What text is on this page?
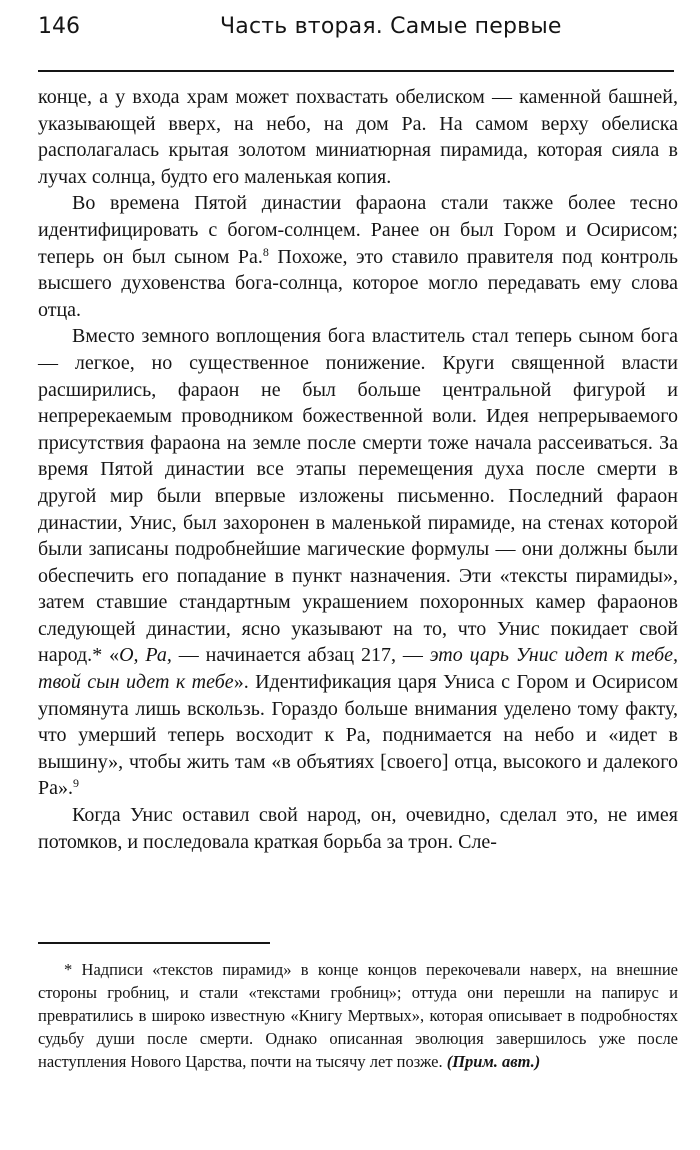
146	Часть вторая. Самые первые

конце, а у входа храм может похвастать обелиском — каменной башней, указывающей вверх, на небо, на дом Ра. На самом верху обелиска располагалась крытая золотом миниатюрная пирамида, которая сияла в лучах солнца, будто его маленькая копия.

Во времена Пятой династии фараона стали также более тесно идентифицировать с богом-солнцем. Ранее он был Гором и Осирисом; теперь он был сыном Ра.$^8$ Похоже, это ставило правителя под контроль высшего духовенства бога-солнца, которое могло передавать ему слова отца.

Вместо земного воплощения бога властитель стал теперь сыном бога — легкое, но существенное понижение. Круги священной власти расширились, фараон не был больше центральной фигурой и непререкаемым проводником божественной воли. Идея непрерываемого присутствия фараона на земле после смерти тоже начала рассеиваться. За время Пятой династии все этапы перемещения духа после смерти в другой мир были впервые изложены письменно. Последний фараон династии, Унис, был захоронен в маленькой пирамиде, на стенах которой были записаны подробнейшие магические формулы — они должны были обеспечить его попадание в пункт назначения. Эти «тексты пирамиды», затем ставшие стандартным украшением похоронных камер фараонов следующей династии, ясно указывают на то, что Унис покидает свой народ.* «О, Ра, — начинается абзац 217, — это царь Унис идет к тебе, твой сын идет к тебе». Идентификация царя Униса с Гором и Осирисом упомянута лишь вскользь. Гораздо больше внимания уделено тому факту, что умерший теперь восходит к Ра, поднимается на небо и «идет в вышину», чтобы жить там «в объятиях [своего] отца, высокого и далекого Ра».$^9$

Когда Унис оставил свой народ, он, очевидно, сделал это, не имея потомков, и последовала краткая борьба за трон. Сле-

* Надписи «текстов пирамид» в конце концов перекочевали наверх, на внешние стороны гробниц, и стали «текстами гробниц»; оттуда они перешли на папирус и превратились в широко известную «Книгу Мертвых», которая описывает в подробностях судьбу души после смерти. Однако описанная эволюция завершилось уже после наступления Нового Царства, почти на тысячу лет позже. (Прим. авт.)
